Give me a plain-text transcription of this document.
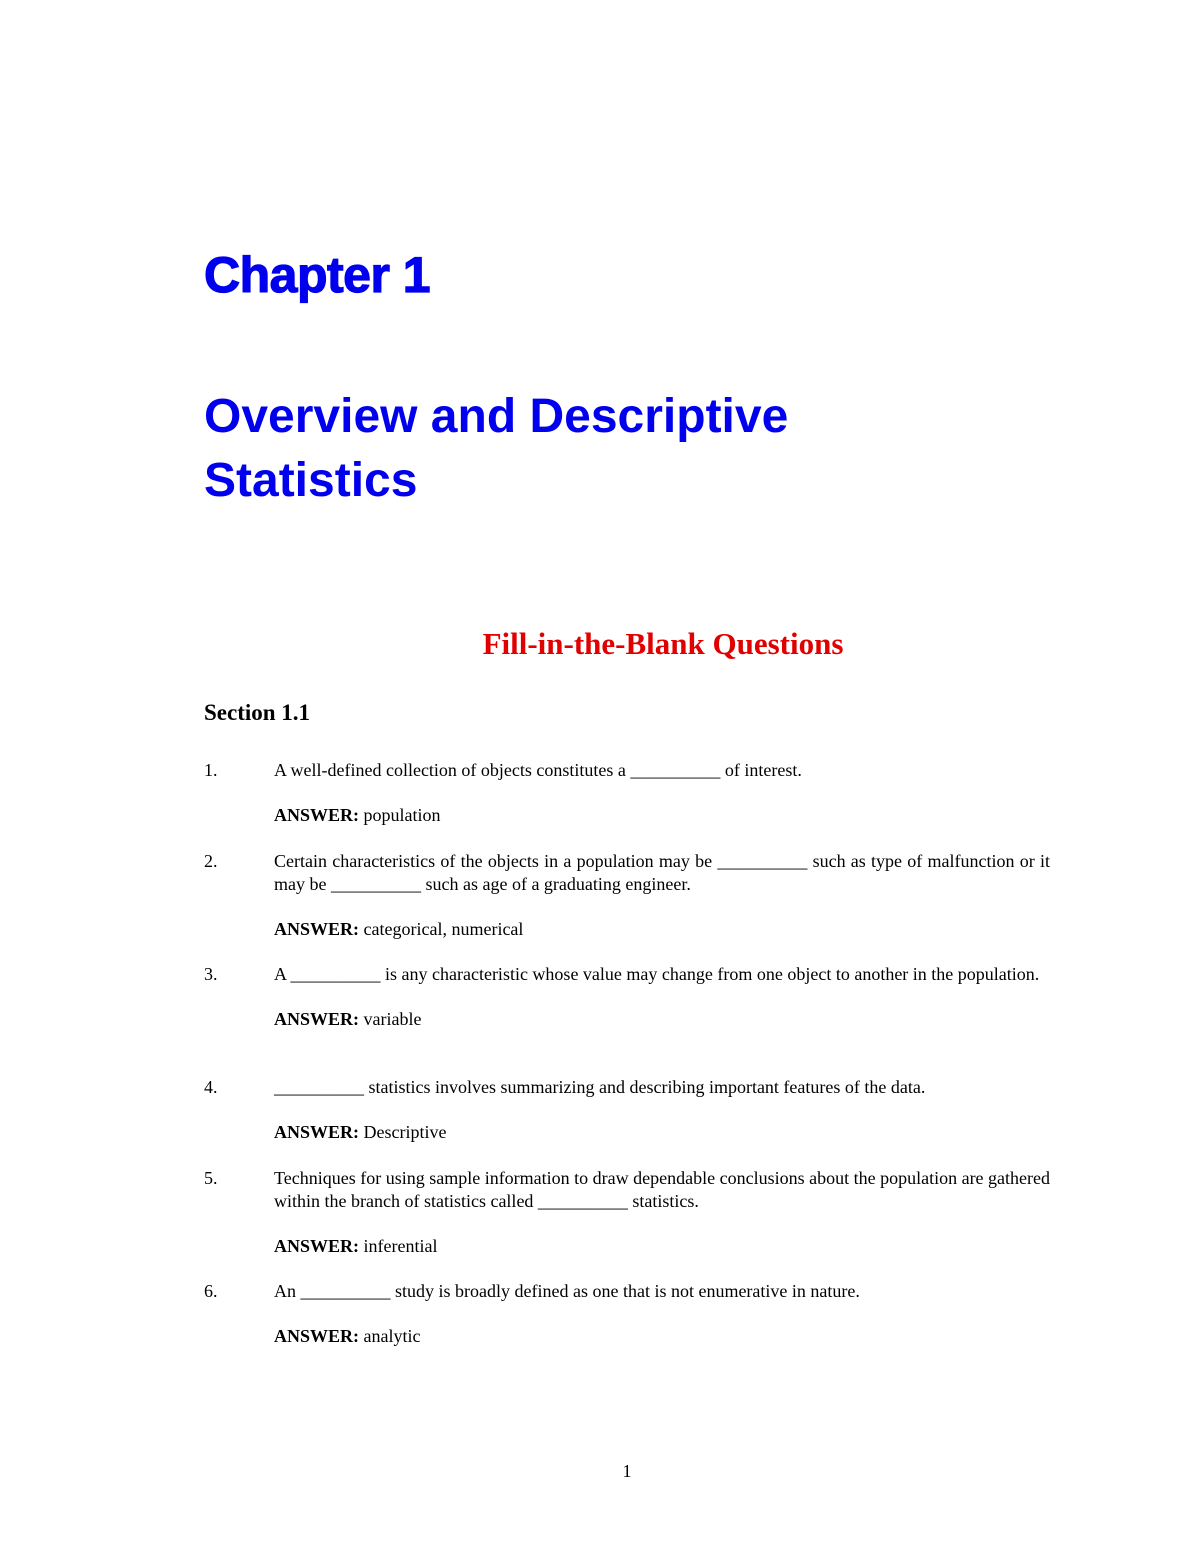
Chapter 1
Overview and Descriptive Statistics
Fill-in-the-Blank Questions
Section 1.1
1.	A well-defined collection of objects constitutes a __________ of interest.
ANSWER: population
2.	Certain characteristics of the objects in a population may be __________ such as type of malfunction or it may be __________ such as age of a graduating engineer.
ANSWER: categorical, numerical
3.	A __________ is any characteristic whose value may change from one object to another in the population.
ANSWER: variable
4.	__________ statistics involves summarizing and describing important features of the data.
ANSWER: Descriptive
5.	Techniques for using sample information to draw dependable conclusions about the population are gathered within the branch of statistics called __________ statistics.
ANSWER: inferential
6.	An __________ study is broadly defined as one that is not enumerative in nature.
ANSWER: analytic
1
